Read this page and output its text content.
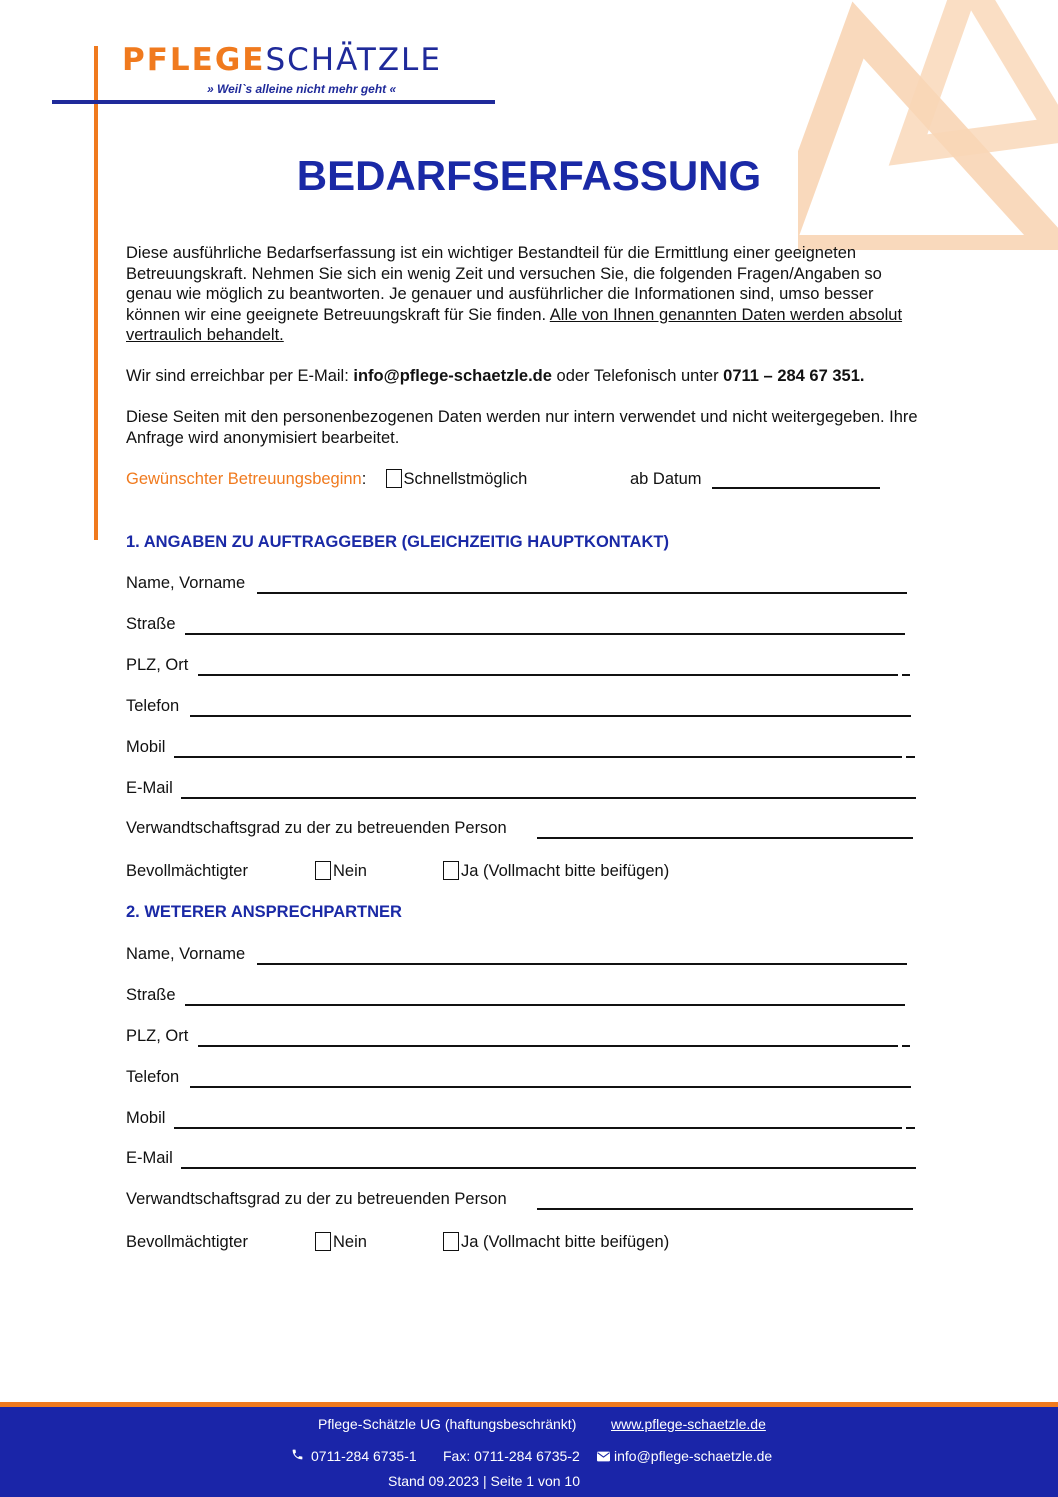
PFLEGESCHÄTZLE
» Weil`s alleine nicht mehr geht «
BEDARFSERFASSUNG
Diese ausführliche Bedarfserfassung ist ein wichtiger Bestandteil für die Ermittlung einer geeigneten Betreuungskraft. Nehmen Sie sich ein wenig Zeit und versuchen Sie, die folgenden Fragen/Angaben so genau wie möglich zu beantworten. Je genauer und ausführlicher die Informationen sind, umso besser können wir eine geeignete Betreuungskraft für Sie finden. Alle von Ihnen genannten Daten werden absolut vertraulich behandelt.
Wir sind erreichbar per E-Mail: info@pflege-schaetzle.de oder Telefonisch unter 0711 – 284 67 351.
Diese Seiten mit den personenbezogenen Daten werden nur intern verwendet und nicht weitergegeben. Ihre Anfrage wird anonymisiert bearbeitet.
Gewünschter Betreuungsbeginn: Schnellstmöglich	ab Datum
1. ANGABEN ZU AUFTRAGGEBER (GLEICHZEITIG HAUPTKONTAKT)
Name, Vorname
Straße
PLZ, Ort
Telefon
Mobil
E-Mail
Verwandtschaftsgrad zu der zu betreuenden Person
Bevollmächtigter	Nein	Ja (Vollmacht bitte beifügen)
2. WETERER ANSPRECHPARTNER
Name, Vorname
Straße
PLZ, Ort
Telefon
Mobil
E-Mail
Verwandtschaftsgrad zu der zu betreuenden Person
Bevollmächtigter	Nein	Ja (Vollmacht bitte beifügen)
Pflege-Schätzle UG (haftungsbeschränkt) www.pflege-schaetzle.de
0711-284 6735-1 Fax: 0711-284 6735-2 info@pflege-schaetzle.de
Stand 09.2023 | Seite 1 von 10
